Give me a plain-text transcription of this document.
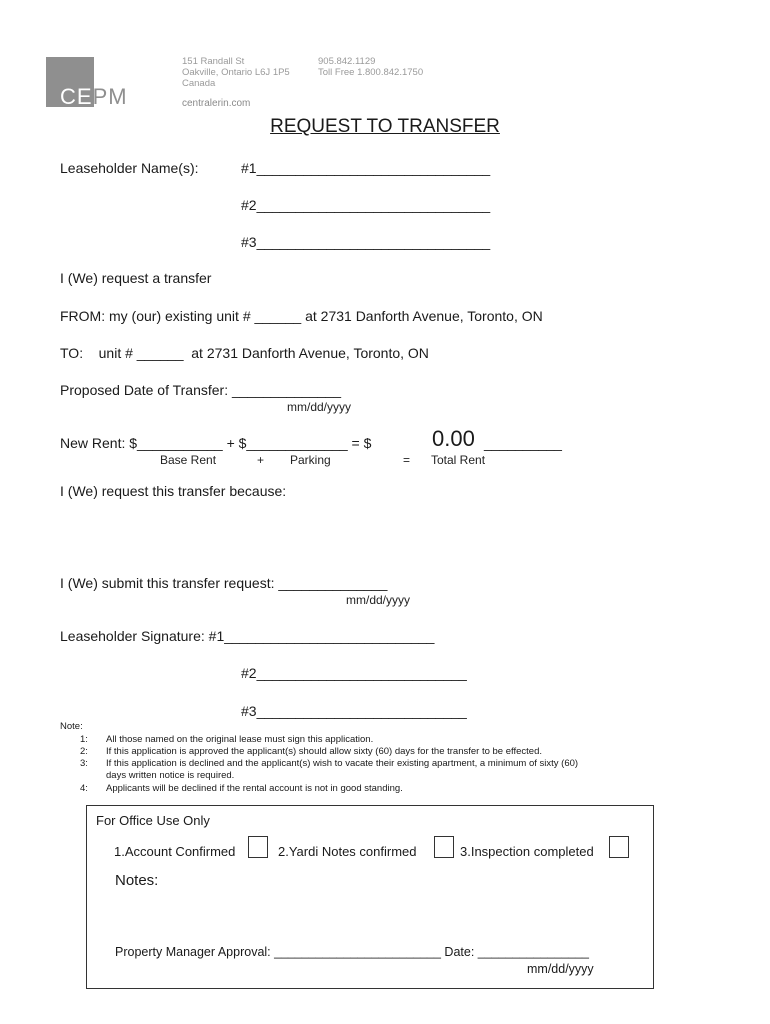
CEPM
151 Randall St
Oakville, Ontario L6J 1P5
Canada
905.842.1129
Toll Free 1.800.842.1750
centralerin.com
REQUEST TO TRANSFER
Leaseholder Name(s):	#1______________________________
#2______________________________
#3______________________________
I (We) request a transfer
FROM: my (our) existing unit # ______ at 2731 Danforth Avenue, Toronto, ON
TO:    unit # ______  at 2731 Danforth Avenue, Toronto, ON
Proposed Date of Transfer: ______________
mm/dd/yyyy
New Rent: $___________ + $_____________ = $	0.00 __________
Base Rent	+ Parking	= Total Rent
I (We) request this transfer because:
I (We) submit this transfer request: ______________
mm/dd/yyyy
Leaseholder Signature: #1___________________________
#2___________________________
#3___________________________
Note:
1: All those named on the original lease must sign this application.
2: If this application is approved the applicant(s) should allow sixty (60) days for the transfer to be effected.
3: If this application is declined and the applicant(s) wish to vacate their existing apartment, a minimum of sixty (60)
days written notice is required.
4: Applicants will be declined if the rental account is not in good standing.
For Office Use Only
1.Account Confirmed	2.Yardi Notes confirmed	3.Inspection completed
Notes:
Property Manager Approval: ________________________ Date: ________________
mm/dd/yyyy
